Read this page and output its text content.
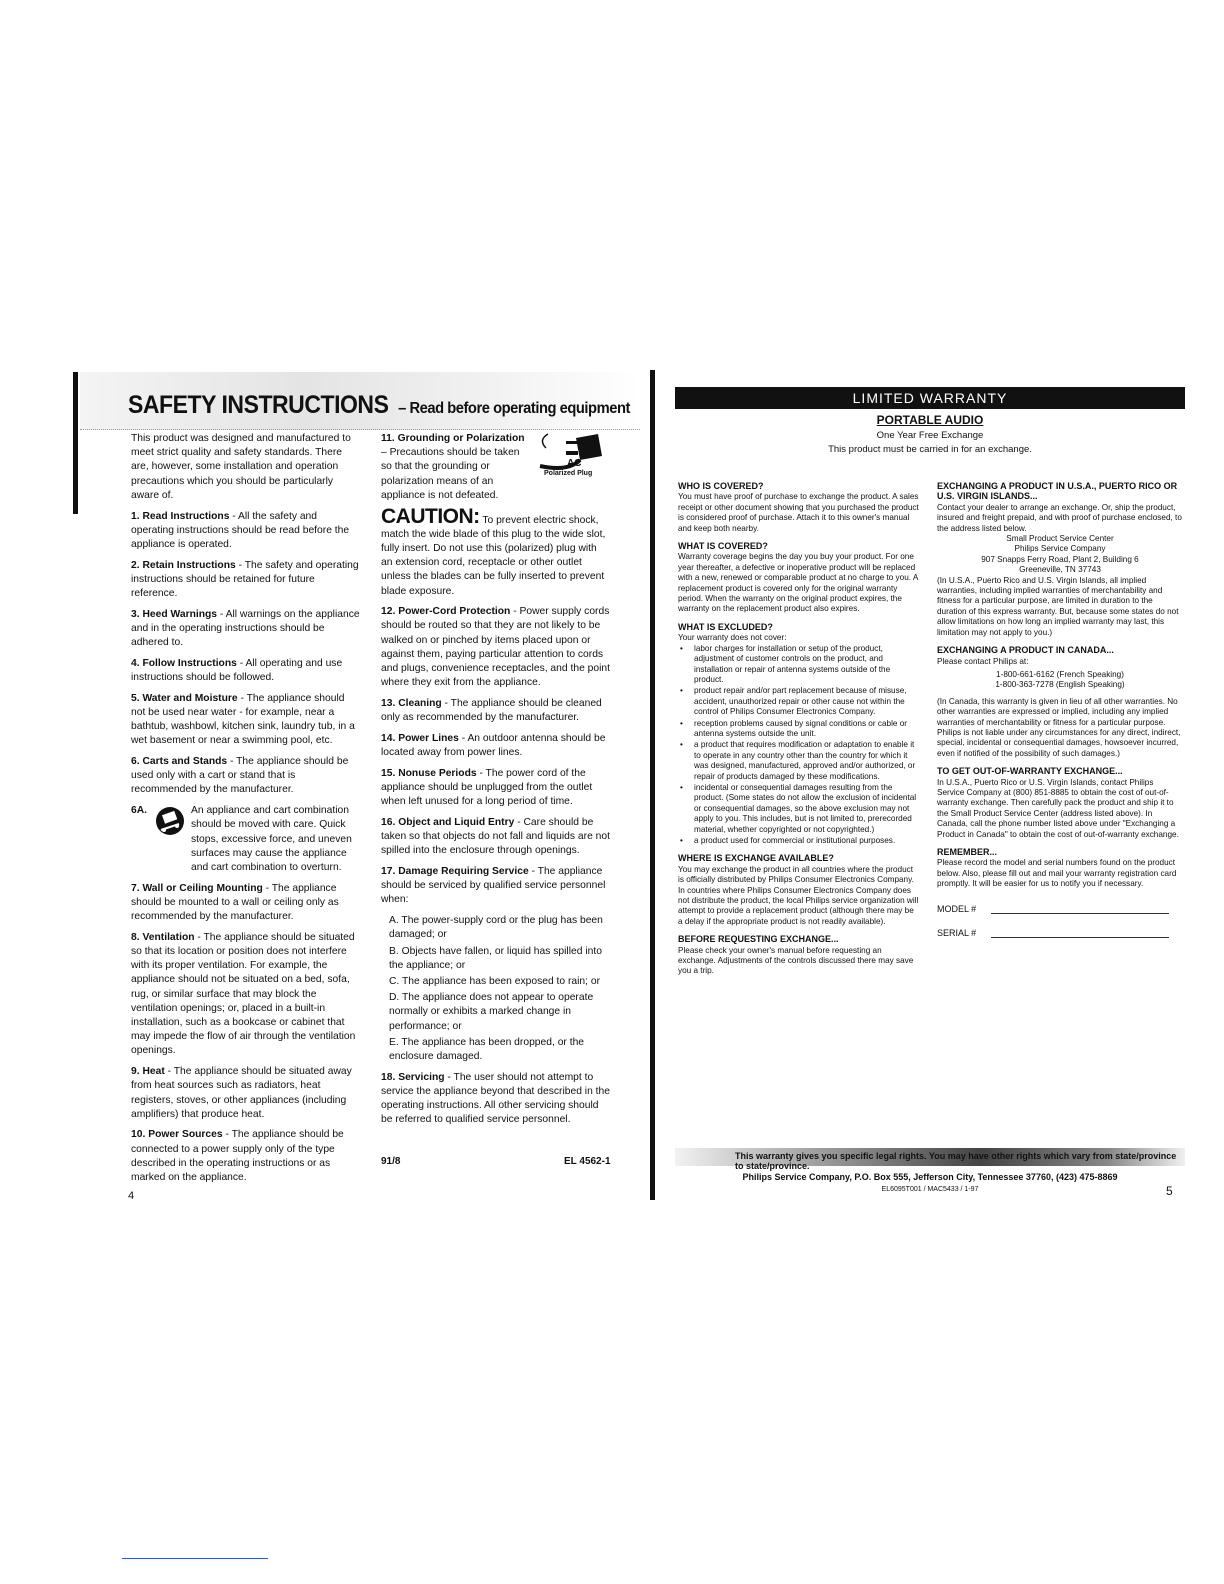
SAFETY INSTRUCTIONS – Read before operating equipment

This product was designed and manufactured to meet strict quality and safety standards. There are, however, some installation and operation precautions which you should be particularly aware of.

1. Read Instructions - All the safety and operating instructions should be read before the appliance is operated.

2. Retain Instructions - The safety and operating instructions should be retained for future reference.

3. Heed Warnings - All warnings on the appliance and in the operating instructions should be adhered to.

4. Follow Instructions - All operating and use instructions should be followed.

5. Water and Moisture - The appliance should not be used near water - for example, near a bathtub, washbowl, kitchen sink, laundry tub, in a wet basement or near a swimming pool, etc.

6. Carts and Stands - The appliance should be used only with a cart or stand that is recommended by the manufacturer.

6A.	An appliance and cart combination should be moved with care. Quick stops, excessive force, and uneven surfaces may cause the appliance and cart combination to overturn.

7. Wall or Ceiling Mounting - The appliance should be mounted to a wall or ceiling only as recommended by the manufacturer.

8. Ventilation - The appliance should be situated so that its location or position does not interfere with its proper ventilation. For example, the appliance should not be situated on a bed, sofa, rug, or similar surface that may block the ventilation openings; or, placed in a built-in installation, such as a bookcase or cabinet that may impede the flow of air through the ventilation openings.

9. Heat - The appliance should be situated away from heat sources such as radiators, heat registers, stoves, or other appliances (including amplifiers) that produce heat.

10. Power Sources - The appliance should be connected to a power supply only of the type described in the operating instructions or as marked on the appliance.

AC
Polarized Plug

11. Grounding or Polarization – Precautions should be taken so that the grounding or polarization means of an appliance is not defeated.

CAUTION: To prevent electric shock, match the wide blade of this plug to the wide slot, fully insert. Do not use this (polarized) plug with an extension cord, receptacle or other outlet unless the blades can be fully inserted to prevent blade exposure.

12. Power-Cord Protection - Power supply cords should be routed so that they are not likely to be walked on or pinched by items placed upon or against them, paying particular attention to cords and plugs, convenience receptacles, and the point where they exit from the appliance.

13. Cleaning - The appliance should be cleaned only as recommended by the manufacturer.

14. Power Lines - An outdoor antenna should be located away from power lines.

15. Nonuse Periods - The power cord of the appliance should be unplugged from the outlet when left unused for a long period of time.

16. Object and Liquid Entry - Care should be taken so that objects do not fall and liquids are not spilled into the enclosure through openings.

17. Damage Requiring Service - The appliance should be serviced by qualified service personnel when:

A. The power-supply cord or the plug has been damaged; or
B. Objects have fallen, or liquid has spilled into the appliance; or
C. The appliance has been exposed to rain; or
D. The appliance does not appear to operate normally or exhibits a marked change in performance; or
E. The appliance has been dropped, or the enclosure damaged.

18. Servicing - The user should not attempt to service the appliance beyond that described in the operating instructions. All other servicing should be referred to qualified service personnel.

91/8	EL 4562-1
4
LIMITED WARRANTY
PORTABLE AUDIO
One Year Free Exchange
This product must be carried in for an exchange.
WHO IS COVERED?

You must have proof of purchase to exchange the product. A sales receipt or other document showing that you purchased the product is considered proof of purchase. Attach it to this owner's manual and keep both nearby.

WHAT IS COVERED?

Warranty coverage begins the day you buy your product. For one year thereafter, a defective or inoperative product will be replaced with a new, renewed or comparable product at no charge to you. A replacement product is covered only for the original warranty period. When the warranty on the original product expires, the warranty on the replacement product also expires.

WHAT IS EXCLUDED?
Your warranty does not cover:
• labor charges for installation or setup of the product, adjustment of customer controls on the product, and installation or repair of antenna systems outside of the product.
• product repair and/or part replacement because of misuse, accident, unauthorized repair or other cause not within the control of Philips Consumer Electronics Company.
• reception problems caused by signal conditions or cable or antenna systems outside the unit.
• a product that requires modification or adaptation to enable it to operate in any country other than the country for which it was designed, manufactured, approved and/or authorized, or repair of products damaged by these modifications.
• incidental or consequential damages resulting from the product. (Some states do not allow the exclusion of incidental or consequential damages, so the above exclusion may not apply to you. This includes, but is not limited to, prerecorded material, whether copyrighted or not copyrighted.)
• a product used for commercial or institutional purposes.
WHERE IS EXCHANGE AVAILABLE?

You may exchange the product in all countries where the product is officially distributed by Philips Consumer Electronics Company. In countries where Philips Consumer Electronics Company does not distribute the product, the local Philips service organization will attempt to provide a replacement product (although there may be a delay if the appropriate product is not readily available).

BEFORE REQUESTING EXCHANGE...

Please check your owner's manual before requesting an exchange. Adjustments of the controls discussed there may save you a trip.

EXCHANGING A PRODUCT IN U.S.A., PUERTO RICO OR U.S. VIRGIN ISLANDS...
Contact your dealer to arrange an exchange. Or, ship the product, insured and freight prepaid, and with proof of purchase enclosed, to the address listed below.
Small Product Service Center
Philips Service Company
907 Snapps Ferry Road, Plant 2, Building 6
Greeneville, TN 37743

(In U.S.A., Puerto Rico and U.S. Virgin Islands, all implied warranties, including implied warranties of merchantability and fitness for a particular purpose, are limited in duration to the duration of this express warranty. But, because some states do not allow limitations on how long an implied warranty may last, this limitation may not apply to you.)

EXCHANGING A PRODUCT IN CANADA...
Please contact Philips at:
1-800-661-6162 (French Speaking)
1-800-363-7278 (English Speaking)

(In Canada, this warranty is given in lieu of all other warranties. No other warranties are expressed or implied, including any implied warranties of merchantability or fitness for a particular purpose. Philips is not liable under any circumstances for any direct, indirect, special, incidental or consequential damages, howsoever incurred, even if notified of the possibility of such damages.)

TO GET OUT-OF-WARRANTY EXCHANGE...

In U.S.A., Puerto Rico or U.S. Virgin Islands, contact Philips Service Company at (800) 851-8885 to obtain the cost of out-of-warranty exchange. Then carefully pack the product and ship it to the Small Product Service Center (address listed above). In Canada, call the phone number listed above under "Exchanging a Product in Canada" to obtain the cost of out-of-warranty exchange.

REMEMBER...

Please record the model and serial numbers found on the product below. Also, please fill out and mail your warranty registration card promptly. It will be easier for us to notify you if necessary.

MODEL #
SERIAL #
This warranty gives you specific legal rights. You may have other rights which vary from state/province to state/province.
Philips Service Company, P.O. Box 555, Jefferson City, Tennessee 37760, (423) 475-8869
EL6095T001 / MAC5433 / 1-97	5
